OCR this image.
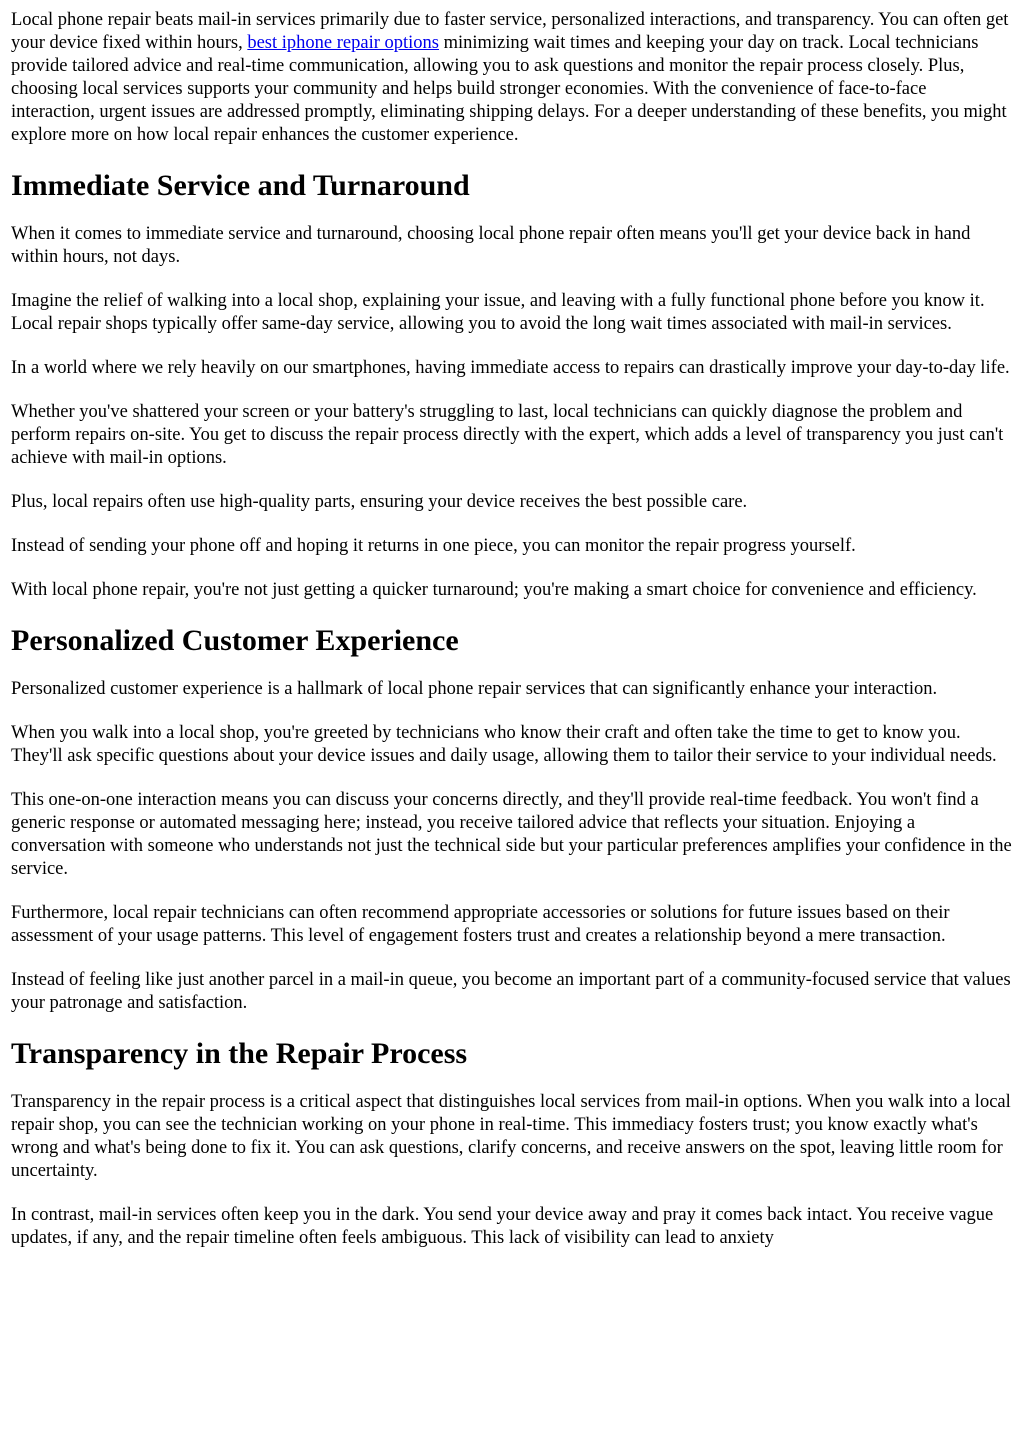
Local phone repair beats mail-in services primarily due to faster service, personalized interactions, and transparency. You can often get your device fixed within hours, best iphone repair options minimizing wait times and keeping your day on track. Local technicians provide tailored advice and real-time communication, allowing you to ask questions and monitor the repair process closely. Plus, choosing local services supports your community and helps build stronger economies. With the convenience of face-to-face interaction, urgent issues are addressed promptly, eliminating shipping delays. For a deeper understanding of these benefits, you might explore more on how local repair enhances the customer experience.

Immediate Service and Turnaround

When it comes to immediate service and turnaround, choosing local phone repair often means you'll get your device back in hand within hours, not days.

Imagine the relief of walking into a local shop, explaining your issue, and leaving with a fully functional phone before you know it. Local repair shops typically offer same-day service, allowing you to avoid the long wait times associated with mail-in services.

In a world where we rely heavily on our smartphones, having immediate access to repairs can drastically improve your day-to-day life.

Whether you've shattered your screen or your battery's struggling to last, local technicians can quickly diagnose the problem and perform repairs on-site. You get to discuss the repair process directly with the expert, which adds a level of transparency you just can't achieve with mail-in options.

Plus, local repairs often use high-quality parts, ensuring your device receives the best possible care.

Instead of sending your phone off and hoping it returns in one piece, you can monitor the repair progress yourself.

With local phone repair, you're not just getting a quicker turnaround; you're making a smart choice for convenience and efficiency.

Personalized Customer Experience

Personalized customer experience is a hallmark of local phone repair services that can significantly enhance your interaction.

When you walk into a local shop, you're greeted by technicians who know their craft and often take the time to get to know you. They'll ask specific questions about your device issues and daily usage, allowing them to tailor their service to your individual needs.

This one-on-one interaction means you can discuss your concerns directly, and they'll provide real-time feedback. You won't find a generic response or automated messaging here; instead, you receive tailored advice that reflects your situation. Enjoying a conversation with someone who understands not just the technical side but your particular preferences amplifies your confidence in the service.

Furthermore, local repair technicians can often recommend appropriate accessories or solutions for future issues based on their assessment of your usage patterns. This level of engagement fosters trust and creates a relationship beyond a mere transaction.

Instead of feeling like just another parcel in a mail-in queue, you become an important part of a community-focused service that values your patronage and satisfaction.

Transparency in the Repair Process

Transparency in the repair process is a critical aspect that distinguishes local services from mail-in options. When you walk into a local repair shop, you can see the technician working on your phone in real-time. This immediacy fosters trust; you know exactly what's wrong and what's being done to fix it. You can ask questions, clarify concerns, and receive answers on the spot, leaving little room for uncertainty.

In contrast, mail-in services often keep you in the dark. You send your device away and pray it comes back intact. You receive vague updates, if any, and the repair timeline often feels ambiguous. This lack of visibility can lead to anxiety
